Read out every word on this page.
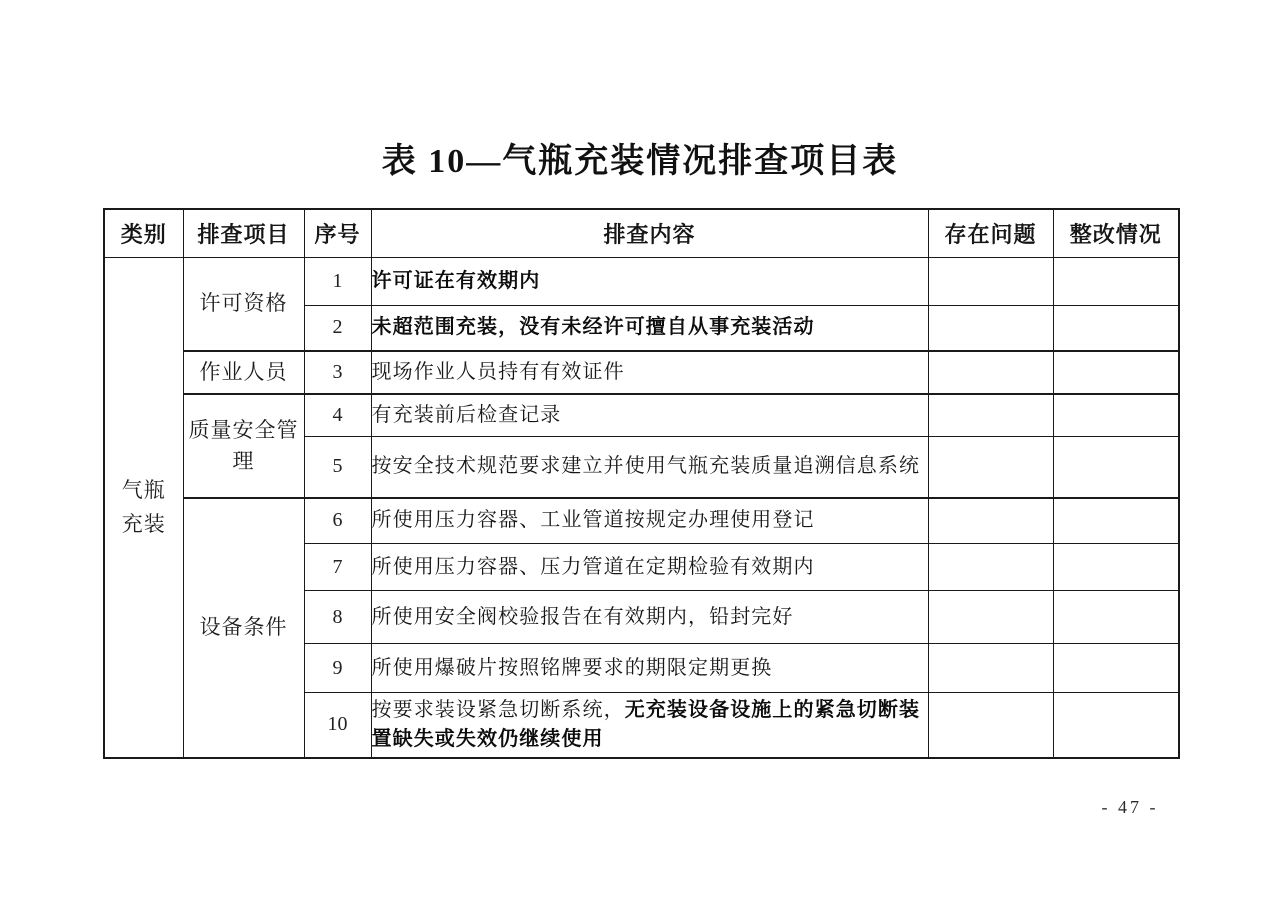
表 10—气瓶充装情况排查项目表
类别	排查项目	序号	排查内容	存在问题	整改情况
气瓶充装	许可资格	1	许可证在有效期内		
		2	未超范围充装，没有未经许可擅自从事充装活动		
	作业人员	3	现场作业人员持有有效证件		
	质量安全管理	4	有充装前后检查记录		
		5	按安全技术规范要求建立并使用气瓶充装质量追溯信息系统		
	设备条件	6	所使用压力容器、工业管道按规定办理使用登记		
		7	所使用压力容器、压力管道在定期检验有效期内		
		8	所使用安全阀校验报告在有效期内，铅封完好		
		9	所使用爆破片按照铭牌要求的期限定期更换		
		10	按要求装设紧急切断系统，无充装设备设施上的紧急切断装置缺失或失效仍继续使用		
- 47 -
